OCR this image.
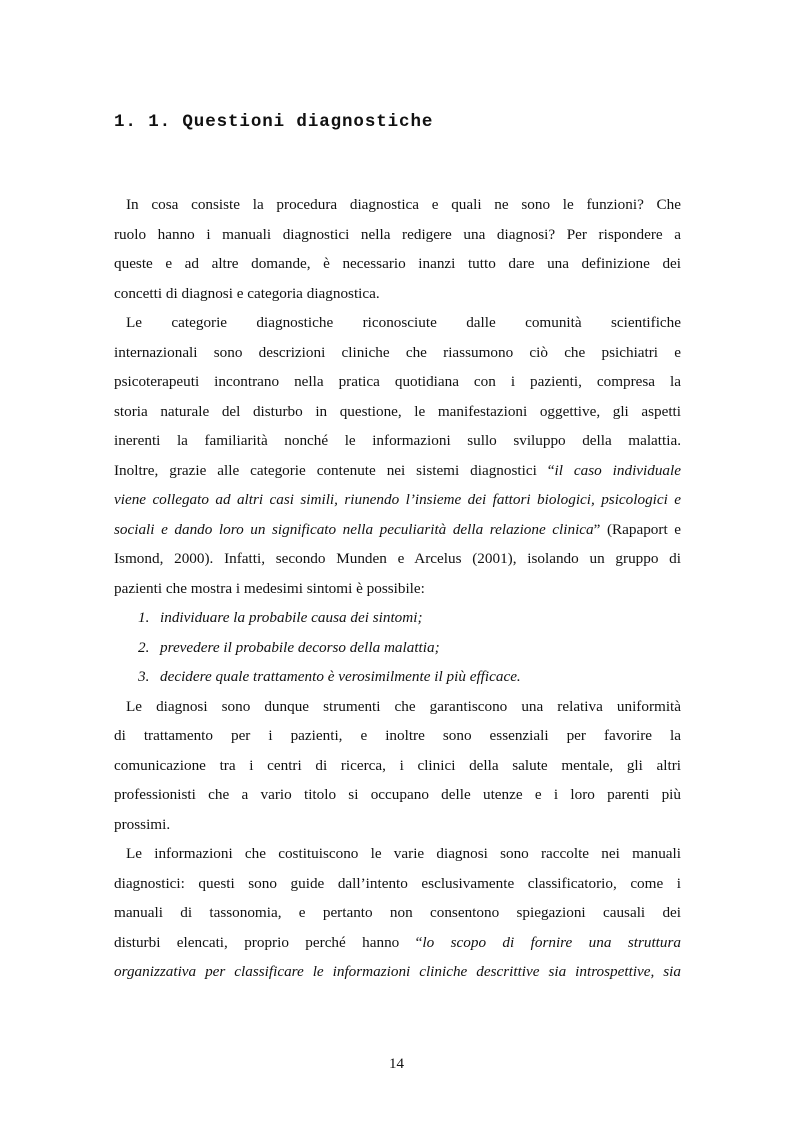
1. 1. Questioni diagnostiche
In cosa consiste la procedura diagnostica e quali ne sono le funzioni? Che
ruolo hanno i manuali diagnostici nella redigere una diagnosi? Per rispondere a
queste e ad altre domande, è necessario inanzi tutto dare una definizione dei
concetti di diagnosi e categoria diagnostica.
Le categorie diagnostiche riconosciute dalle comunità scientifiche
internazionali sono descrizioni cliniche che riassumono ciò che psichiatri e
psicoterapeuti incontrano nella pratica quotidiana con i pazienti, compresa la
storia naturale del disturbo in questione, le manifestazioni oggettive, gli aspetti
inerenti la familiarità nonché le informazioni sullo sviluppo della malattia.
Inoltre, grazie alle categorie contenute nei sistemi diagnostici “il caso individuale
viene collegato ad altri casi simili, riunendo l’insieme dei fattori biologici, psicologici e
sociali e dando loro un significato nella peculiarità della relazione clinica” (Rapaport e
Ismond, 2000). Infatti, secondo Munden e Arcelus (2001), isolando un gruppo di
pazienti che mostra i medesimi sintomi è possibile:
1. individuare la probabile causa dei sintomi;
2. prevedere il probabile decorso della malattia;
3. decidere quale trattamento è verosimilmente il più efficace.
Le diagnosi sono dunque strumenti che garantiscono una relativa uniformità
di trattamento per i pazienti, e inoltre sono essenziali per favorire la
comunicazione tra i centri di ricerca, i clinici della salute mentale, gli altri
professionisti che a vario titolo si occupano delle utenze e i loro parenti più
prossimi.
Le informazioni che costituiscono le varie diagnosi sono raccolte nei manuali
diagnostici: questi sono guide dall’intento esclusivamente classificatorio, come i
manuali di tassonomia, e pertanto non consentono spiegazioni causali dei
disturbi elencati, proprio perché hanno “lo scopo di fornire una struttura
organizzativa per classificare le informazioni cliniche descrittive sia introspettive, sia
14
